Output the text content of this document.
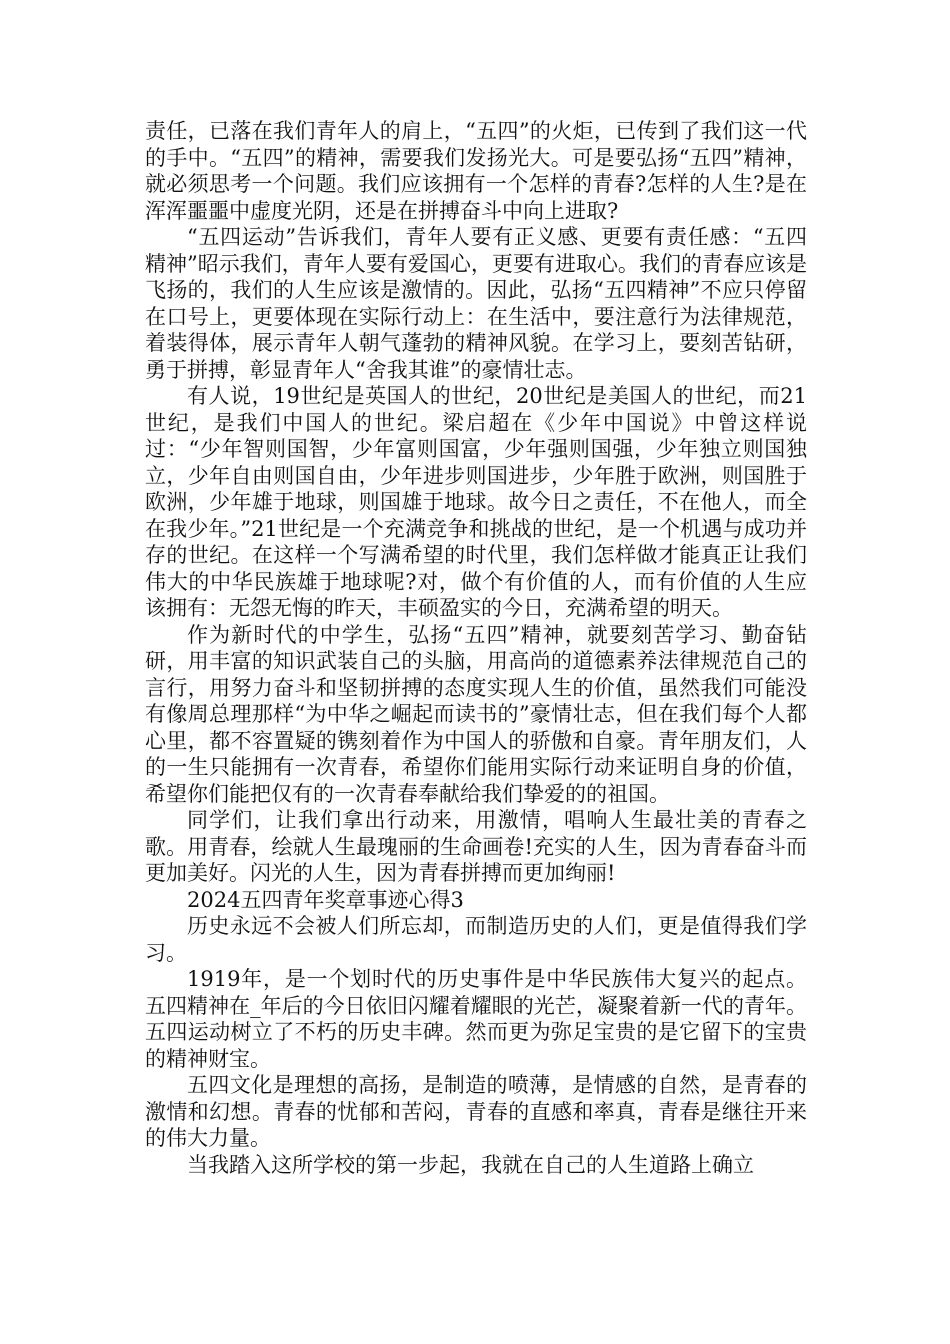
责任，已落在我们青年人的肩上，“五四”的火炬，已传到了我们这一代的手中。“五四”的精神，需要我们发扬光大。可是要弘扬“五四”精神，就必须思考一个问题。我们应该拥有一个怎样的青春?怎样的人生?是在浑浑噩噩中虚度光阴，还是在拼搏奋斗中向上进取?

“五四运动”告诉我们，青年人要有正义感、更要有责任感：“五四精神”昭示我们，青年人要有爱国心，更要有进取心。我们的青春应该是飞扬的，我们的人生应该是激情的。因此，弘扬“五四精神”不应只停留在口号上，更要体现在实际行动上：在生活中，要注意行为法律规范，着装得体，展示青年人朝气蓬勃的精神风貌。在学习上，要刻苦钻研，勇于拼搏，彰显青年人“舍我其谁”的豪情壮志。

有人说，19世纪是英国人的世纪，20世纪是美国人的世纪，而21世纪，是我们中国人的世纪。梁启超在《少年中国说》中曾这样说过：“少年智则国智，少年富则国富，少年强则国强，少年独立则国独立，少年自由则国自由，少年进步则国进步，少年胜于欧洲，则国胜于欧洲，少年雄于地球，则国雄于地球。故今日之责任，不在他人，而全在我少年。”21世纪是一个充满竞争和挑战的世纪，是一个机遇与成功并存的世纪。在这样一个写满希望的时代里，我们怎样做才能真正让我们伟大的中华民族雄于地球呢?对，做个有价值的人，而有价值的人生应该拥有：无怨无悔的昨天，丰硕盈实的今日，充满希望的明天。

作为新时代的中学生，弘扬“五四”精神，就要刻苦学习、勤奋钻研，用丰富的知识武装自己的头脑，用高尚的道德素养法律规范自己的言行，用努力奋斗和坚韧拼搏的态度实现人生的价值，虽然我们可能没有像周总理那样“为中华之崛起而读书的”豪情壮志，但在我们每个人都心里，都不容置疑的镌刻着作为中国人的骄傲和自豪。青年朋友们，人的一生只能拥有一次青春，希望你们能用实际行动来证明自身的价值，希望你们能把仅有的一次青春奉献给我们挚爱的的祖国。

同学们，让我们拿出行动来，用激情，唱响人生最壮美的青春之歌。用青春，绘就人生最瑰丽的生命画卷!充实的人生，因为青春奋斗而更加美好。闪光的人生，因为青春拼搏而更加绚丽!

2024五四青年奖章事迹心得3

历史永远不会被人们所忘却，而制造历史的人们，更是值得我们学习。

1919年，是一个划时代的历史事件是中华民族伟大复兴的起点。五四精神在_年后的今日依旧闪耀着耀眼的光芒，凝聚着新一代的青年。五四运动树立了不朽的历史丰碑。然而更为弥足宝贵的是它留下的宝贵的精神财宝。

五四文化是理想的高扬，是制造的喷薄，是情感的自然，是青春的激情和幻想。青春的忧郁和苦闷，青春的直感和率真，青春是继往开来的伟大力量。

当我踏入这所学校的第一步起，我就在自己的人生道路上确立
